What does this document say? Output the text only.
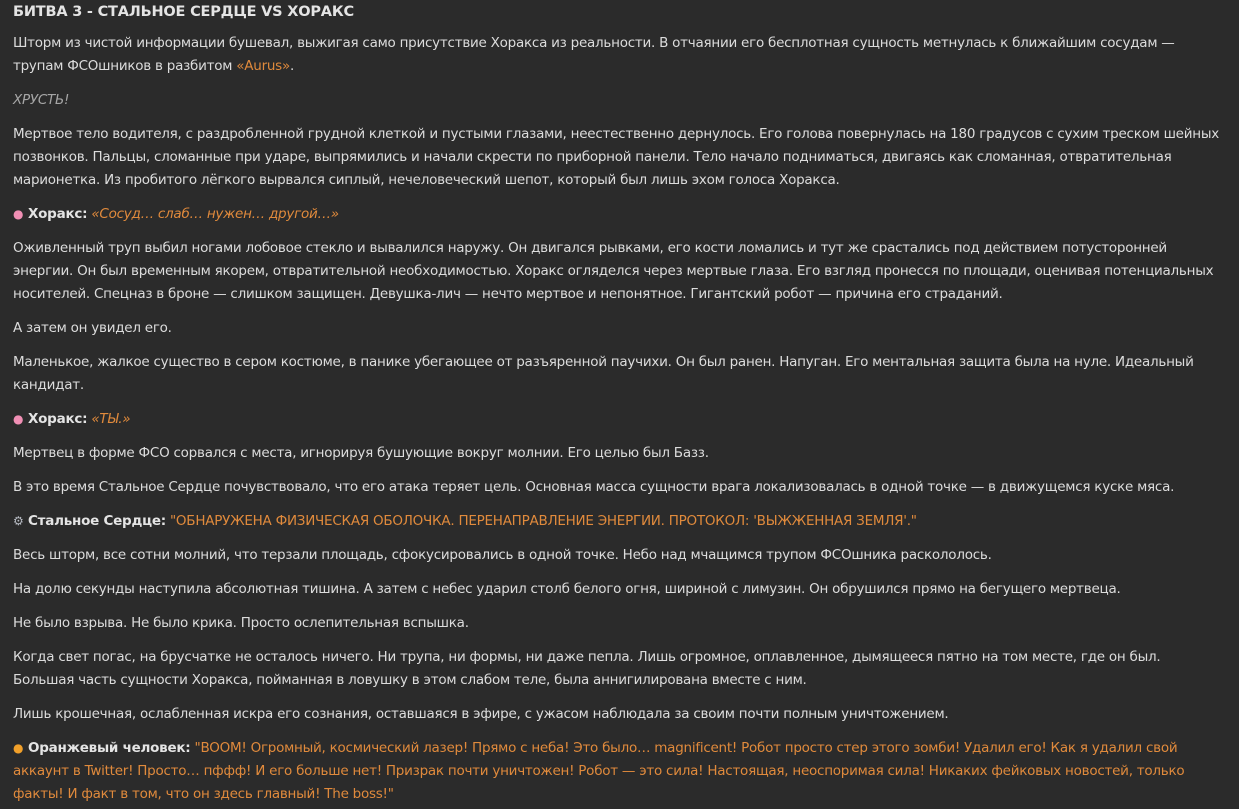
БИТВА 3 - СТАЛЬНОЕ СЕРДЦЕ VS ХОРАКС

Шторм из чистой информации бушевал, выжигая само присутствие Хоракса из реальности. В отчаянии его бесплотная сущность метнулась к ближайшим сосудам — трупам ФСОшников в разбитом «Aurus».

ХРУСТЬ!

Мертвое тело водителя, с раздробленной грудной клеткой и пустыми глазами, неестественно дернулось. Его голова повернулась на 180 градусов с сухим треском шейных позвонков. Пальцы, сломанные при ударе, выпрямились и начали скрести по приборной панели. Тело начало подниматься, двигаясь как сломанная, отвратительная марионетка. Из пробитого лёгкого вырвался сиплый, нечеловеческий шепот, который был лишь эхом голоса Хоракса.

● Хоракс: «Сосуд… слаб… нужен… другой…»

Оживленный труп выбил ногами лобовое стекло и вывалился наружу. Он двигался рывками, его кости ломались и тут же срастались под действием потусторонней энергии. Он был временным якорем, отвратительной необходимостью. Хоракс огляделся через мертвые глаза. Его взгляд пронесся по площади, оценивая потенциальных носителей. Спецназ в броне — слишком защищен. Девушка-лич — нечто мертвое и непонятное. Гигантский робот — причина его страданий.

А затем он увидел его.

Маленькое, жалкое существо в сером костюме, в панике убегающее от разъяренной паучихи. Он был ранен. Напуган. Его ментальная защита была на нуле. Идеальный кандидат.

● Хоракс: «ТЫ.»

Мертвец в форме ФСО сорвался с места, игнорируя бушующие вокруг молнии. Его целью был Базз.

В это время Стальное Сердце почувствовало, что его атака теряет цель. Основная масса сущности врага локализовалась в одной точке — в движущемся куске мяса.

⚙ Стальное Сердце: "ОБНАРУЖЕНА ФИЗИЧЕСКАЯ ОБОЛОЧКА. ПЕРЕНАПРАВЛЕНИЕ ЭНЕРГИИ. ПРОТОКОЛ: 'ВЫЖЖЕННАЯ ЗЕМЛЯ'."

Весь шторм, все сотни молний, что терзали площадь, сфокусировались в одной точке. Небо над мчащимся трупом ФСОшника раскололось.

На долю секунды наступила абсолютная тишина. А затем с небес ударил столб белого огня, шириной с лимузин. Он обрушился прямо на бегущего мертвеца.

Не было взрыва. Не было крика. Просто ослепительная вспышка.

Когда свет погас, на брусчатке не осталось ничего. Ни трупа, ни формы, ни даже пепла. Лишь огромное, оплавленное, дымящееся пятно на том месте, где он был. Большая часть сущности Хоракса, пойманная в ловушку в этом слабом теле, была аннигилирована вместе с ним.

Лишь крошечная, ослабленная искра его сознания, оставшаяся в эфире, с ужасом наблюдала за своим почти полным уничтожением.

● Оранжевый человек: "BOOM! Огромный, космический лазер! Прямо с неба! Это было… magnificent! Робот просто стер этого зомби! Удалил его! Как я удалил свой аккаунт в Twitter! Просто… пффф! И его больше нет! Призрак почти уничтожен! Робот — это сила! Настоящая, неоспоримая сила! Никаких фейковых новостей, только факты! И факт в том, что он здесь главный! The boss!"
